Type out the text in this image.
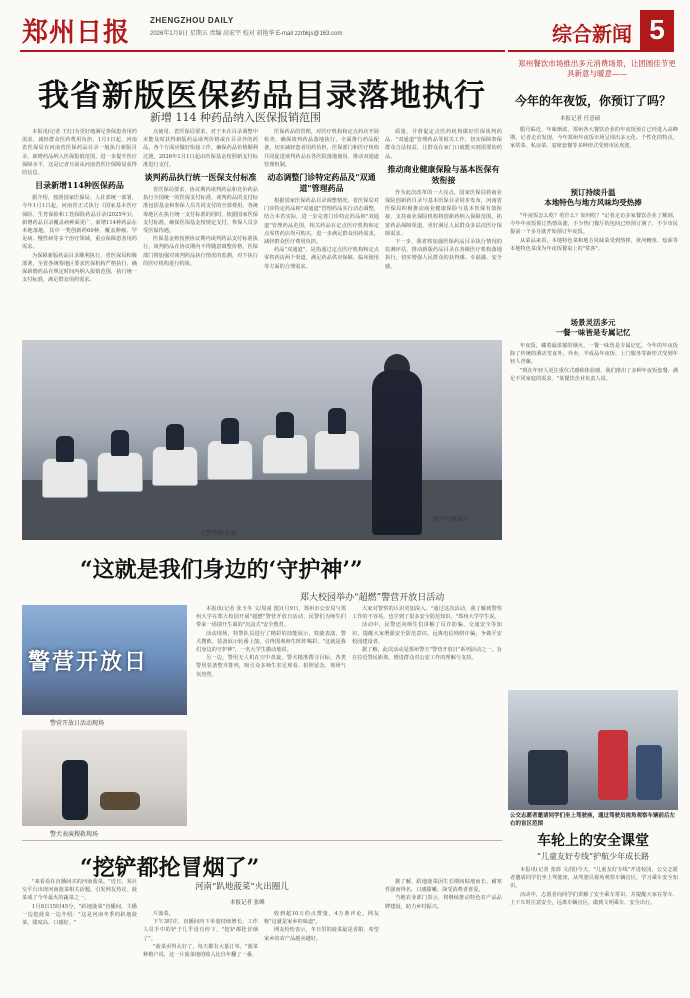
郑州日报 ZHENGZHOU DAILY
2026年1月9日 星期五 责编 高宏宇 校对 胡艳华 E-mail zzrbkjs@163.com	综合新闻 5
我省新版医保药品目录落地执行
新增 114 种药品纳入医保报销范围

本报讯(记者 王红)为更好地满足参保患者用药需求，减轻群众医药费用负担，1月1日起，河南省医保局在河南省医保药品目录一般执行新版目录，新增药品纳入医保报销范围，进一步提升医疗保障水平，这是记者日前从河南省医疗保障局获得的信息。

目录新增114种医保药品

据介绍，按照国家医保局、人社部统一部署，今年1月1日起，河南省正式执行《国家基本医疗保险、生育保险和工伤保险药品目录(2025年)》，新增药品目录覆盖病种面更广，新增114种药品在本地落地，其中一类创新药60种，覆盖肿瘤、罕见病、慢性病等多个治疗领域，重点保障患者用药需求。

为保障新版药品目录顺利执行，省医保局积极部署，全省各统筹地区要求医保机构严格执行，确保新增药品在规定时间内纳入报销范围，执行统一支付标准，满足群众用药需求。

点使用，省医保局要求，对于未在目录调整中未能及时获得新版药品谈判价格或在目录外的药品，各个方面应做好衔接工作，确保药品价格顺利过渡，2026年1月1日起由医保基金按照新支付标准进行支付。

谈判药品执行统一医保支付标准

省医保局要求，协议期内谈判药品和竞价药品执行全国统一的医保支付标准，谈判药品的支付标准包括基金和参保人员共同支付的全部费用。各统筹地区在执行统一支付标准的同时，依据国家医保支付标准，确保医保基金按规定支付，参保人员享受医保待遇。

医保基金将按照协议期内谈判药品支付标准执行，谈判药品在协议期内不得随意调整价格，医保部门将加强对谈判药品执行情况的监测，对不执行的医疗机构进行约谈。

医保药品的管理，对医疗机构和定点药店开展检查，确保谈判药品落地执行，全面推行药品配备，切实减轻患者用药负担，医保部门和医疗机构共同促进谈判药品在各医院落地使用，推动双通道管理机制。

动态调整门诊特定药品及"双通道"管理药品

根据国家医保药品目录调整情况，省医保局对门诊特定药品和"双通道"管理药品实行动态调整，结合本省实际，进一步完善门诊特定药品和"双通道"管理药品范围，相关药品在定点医疗机构和定点零售药店均可购买，进一步满足群众用药需求，减轻群众医疗费用负担。

药品"双通道"，是指通过定点医疗机构和定点零售药店两个渠道，满足药品供应保障，临床使用等方面的合理需求。

质量，并督促定点医药机构做好医保谈判药品、"双通道"管理药品等相关工作，切实保障参保群众合法权益，让群众在家门口就能买到需要的药品。

推动商业健康保险与基本医保有效衔接

作为此次改革的一大亮点，国家医保局将商业保险创新药目录与基本医保目录同步发布，河南省医保局积极推动商业健康保险与基本医保有效衔接，支持商业保险机构将创新药纳入保障范围，拓宽药品保障渠道，更好满足人民群众多层次医疗保障需求。

下一步，我省将加强医保药品目录执行情况的监测评估，推动新版药品目录在各级医疗机构落地执行，切实增强人民群众的获得感、幸福感、安全感。

文警铁骑表演
铁甲车辆展示
“这就是我们身边的‘守护神’”
郑大校园举办“超燃”警营开放日活动
警营开放日
警营开放日活动现场
警犬表演搜救现场

本报讯(记者 张玉冬 文/周甫 图)1月9日，郑州市公安局与郑州大学在郑大校园开展"超燃"警营开放日活动，民警们为师生们带来一场别开生面的"沉浸式"安全教育。

活动现场，特警队员进行了精彩的技能展示，铁骑表演、警犬搜救、装备展示轮番上演，引得围观师生阵阵喝彩。"这就是我们身边的守护神"，一名大学生激动地说。

另一边，警用无人机在空中盘旋，警犬精准搜寻目标，各类警用装备整齐排列，吸引众多师生驻足观看、拍照留念，现场气氛热烈。

大家对警察的认识更加深入。"通过这次活动，我了解到警察工作的不容易，也学到了很多安全防范知识。"郑州大学学生说。

活动中，民警还向师生们讲解了反诈防骗、交通安全等知识，提醒大家增强安全防范意识，远离电信网络诈骗，争做平安校园建设者。

据了解，此次活动是郑州警方"警营开放日"系列活动之一，旨在拉近警民距离，增进群众对公安工作的理解与支持。

“挖铲都抡冒烟了”
河南“趴地菠菜”火出圈儿
本报记者 张峰

"来看看在直播间买的河南菠菜。"近日，某社交平台出现河南菠菜相关话题，引发网友热议。菠菜成了今冬最火的蔬菜之一。

1月8日15时45分，"趴地菠菜"直播间，主播一边挖菠菜一边介绍："这是河南冬季的趴地菠菜，甜度高、口感好。"

片菠菜。

下午3时许，直播间内下单量持续增长，工作人员手中的铲子几乎没有停下，"挖铲都抡冒烟了"。

"菠菜卖得太好了，每天都有大量订单。"菠菜种植户说，这一片菠菜地的收入比往年翻了一番。

收到超10万的点赞量，4万条评论，网友称"这就是家乡的味道"。

网友纷纷表示，冬日里的菠菜最是香甜，希望家乡的农产品越卖越好。

据了解，趴地菠菜因生长期间贴地而长、耐寒性强而得名，口感甜嫩，深受消费者喜爱。

当地农业部门表示，将继续推动特色农产品品牌建设，助力乡村振兴。

郑州餐饮市场推出多元消费场景，让团圆佳节更具新意与暖意——
今年的年夜饭，你预订了吗？
本报记者 任意硕

腊月临近，年味渐浓，郑州各大餐饮企业的年夜饭预订已经进入高峰期。记者走访发现，今年郑州年夜饭市场呈现出多元化、个性化的特点，家常菜、私房菜、宴席套餐等多种形式受到市民欢迎。

预订持续升温
本地特色与地方风味均受热捧

"年夜饭怎么吃？吃什么？如何吃？"记者走访多家餐饮企业了解到，今年年夜饭预订热情高涨，不少热门餐厅的包间已经预订满了，不少市民提前一个多月就开始预订年夜饭。

从菜品来看，本地特色菜和地方风味菜受到热捧，黄河鲤鱼、烩面等本地特色菜成为年夜饭餐桌上的"常客"。

场景灵活多元
一餐一味皆是专属记忆

年夜饭，藏着最浓郁的烟火，一餐一味皆是专属记忆。今年的年夜饭除了传统的酒店堂食外，外卖、半成品年夜饭、上门服务等新形式受到年轻人青睐。

"现在年轻人更注重仪式感和体验感，我们推出了多种年夜饭套餐，满足不同家庭的需求。"某餐饮企业负责人说。

公交志愿者邀请同学们坐上驾驶座，通过驾驶员视角观察车辆前后左右的盲区范围
车轮上的安全课堂
“儿童友好专线”护航少年成长路

本报讯(记者 张倩 文/图)今天，"儿童友好专线"开进校园，公交志愿者邀请同学们坐上驾驶座，从驾驶员视角观察车辆盲区，学习乘车安全知识。

活动中，志愿者向同学们讲解了安全乘车常识，并提醒大家在等车、上下车时注意安全，远离车辆盲区，做到文明乘车、安全出行。
